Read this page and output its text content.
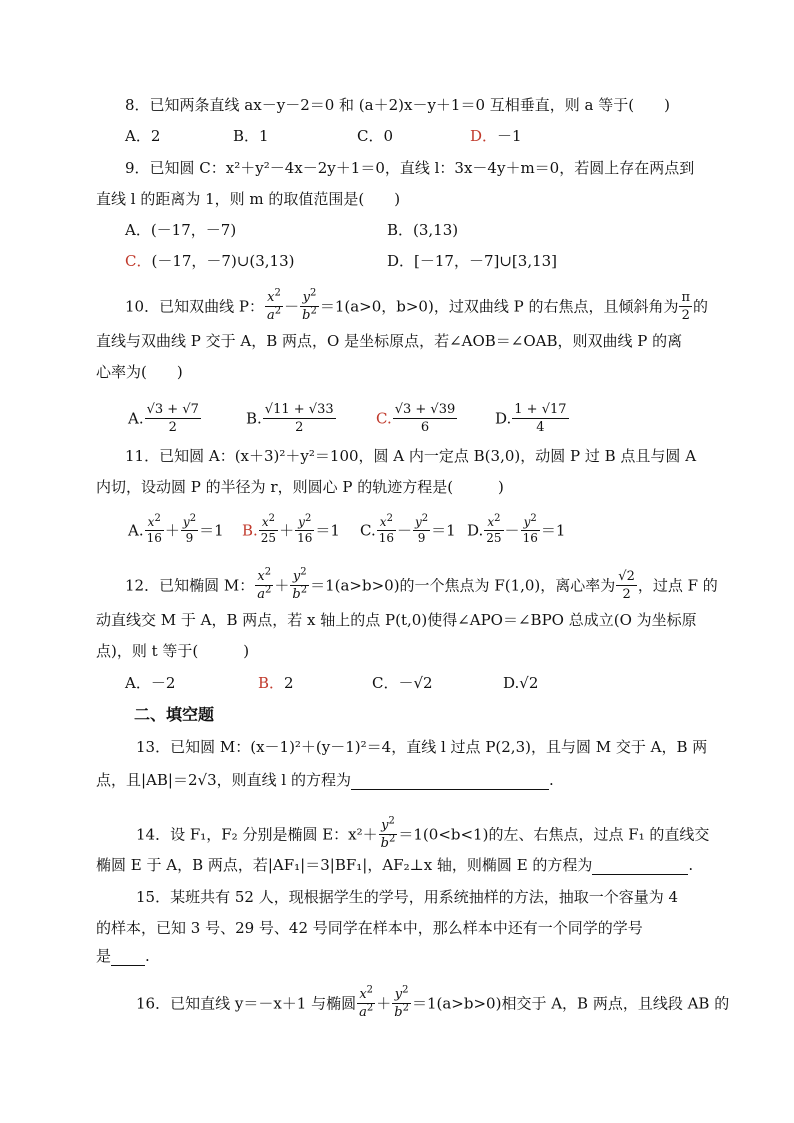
8．已知两条直线 ax－y－2＝0 和 (a＋2)x－y＋1＝0 互相垂直，则 a 等于(　　)
A．2	B．1	C．0	D．－1
9．已知圆 C：x²＋y²－4x－2y＋1＝0，直线 l：3x－4y＋m＝0，若圆上存在两点到
直线 l 的距离为 1，则 m 的取值范围是(　　)
A．(－17，－7)	B．(3,13)
C．(－17，－7)∪(3,13)	D．[－17，－7]∪[3,13]
10．已知双曲线 P： $\frac{x^2}{a^2} - \frac{y^2}{b^2} =1(a>0$，b>0)，过双曲线 P 的右焦点，且倾斜角为 $\frac{\pi}{2}$ 的
直线与双曲线 P 交于 A，B 两点，O 是坐标原点，若∠AOB＝∠OAB，则双曲线 P 的离
心率为(　　)
A. $\frac{√3 + √7}{2}$	B. $\frac{√11 + √33}{2}$	C. $\frac{√3 + √39}{6}$	D. $\frac{1 + √17}{4}$
11．已知圆 A：(x＋3)²＋y²＝100，圆 A 内一定点 B(3,0)，动圆 P 过 B 点且与圆 A
内切，设动圆 P 的半径为 r，则圆心 P 的轨迹方程是(　　　)
A. $\frac{x^2}{16} + \frac{y^2}{9} =1$ B. $\frac{x^2}{25} + \frac{y^2}{16} =1$ C. $\frac{x^2}{16} - \frac{y^2}{9} =1$ D. $\frac{x^2}{25} - \frac{y^2}{16} =1$
12．已知椭圆 M： $\frac{x^2}{a^2} + \frac{y^2}{b^2} =1(a>b>0)$的一个焦点为 F(1,0)，离心率为 $\frac{√2}{2}$ ，过点 F 的
动直线交 M 于 A，B 两点，若 x 轴上的点 P(t,0)使得∠APO＝∠BPO 总成立(O 为坐标原
点)，则 t 等于(　　　)
A．－2	B．2	C．－√2	D.√2
二、填空题
13．已知圆 M：(x－1)²＋(y－1)²＝4，直线 l 过点 P(2,3)，且与圆 M 交于 A，B 两
点，且|AB|＝2√3，则直线 l 的方程为	.
14．设 F₁，F₂ 分别是椭圆 E：$x^2+ \frac{y^2}{b^2} =1(0<b<1)$的左、右焦点，过点 F₁ 的直线交
椭圆 E 于 A，B 两点，若|AF₁|＝3|BF₁|，AF₂⊥x 轴，则椭圆 E 的方程为	.
15．某班共有 52 人，现根据学生的学号，用系统抽样的方法，抽取一个容量为 4
的样本，已知 3 号、29 号、42 号同学在样本中，那么样本中还有一个同学的学号
是 .
16．已知直线 y＝－x＋1 与椭圆 $\frac{x^2}{a^2} + \frac{y^2}{b^2} =1(a>b>0)$相交于 A，B 两点，且线段 AB 的
